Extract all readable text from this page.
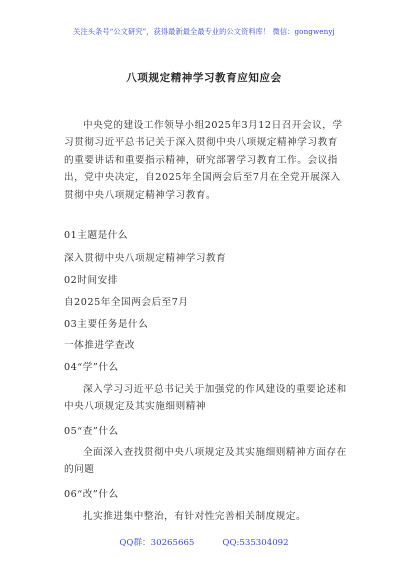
关注头条号“公文研究”，获得最新最全最专业的公文资料库！ 微信：gongwenyj
八项规定精神学习教育应知应会
中央党的建设工作领导小组2025年3月12日召开会议，学习贯彻习近平总书记关于深入贯彻中央八项规定精神学习教育的重要讲话和重要指示精神，研究部署学习教育工作。会议指出，党中央决定，自2025年全国两会后至7月在全党开展深入贯彻中央八项规定精神学习教育。
01主题是什么
深入贯彻中央八项规定精神学习教育
02时间安排
自2025年全国两会后至7月
03主要任务是什么
一体推进学查改
04“学”什么
深入学习习近平总书记关于加强党的作风建设的重要论述和中央八项规定及其实施细则精神
05“查”什么
全面深入查找贯彻中央八项规定及其实施细则精神方面存在的问题
06“改”什么
扎实推进集中整治，有针对性完善相关制度规定。
QQ群：30265665	QQ:535304092
